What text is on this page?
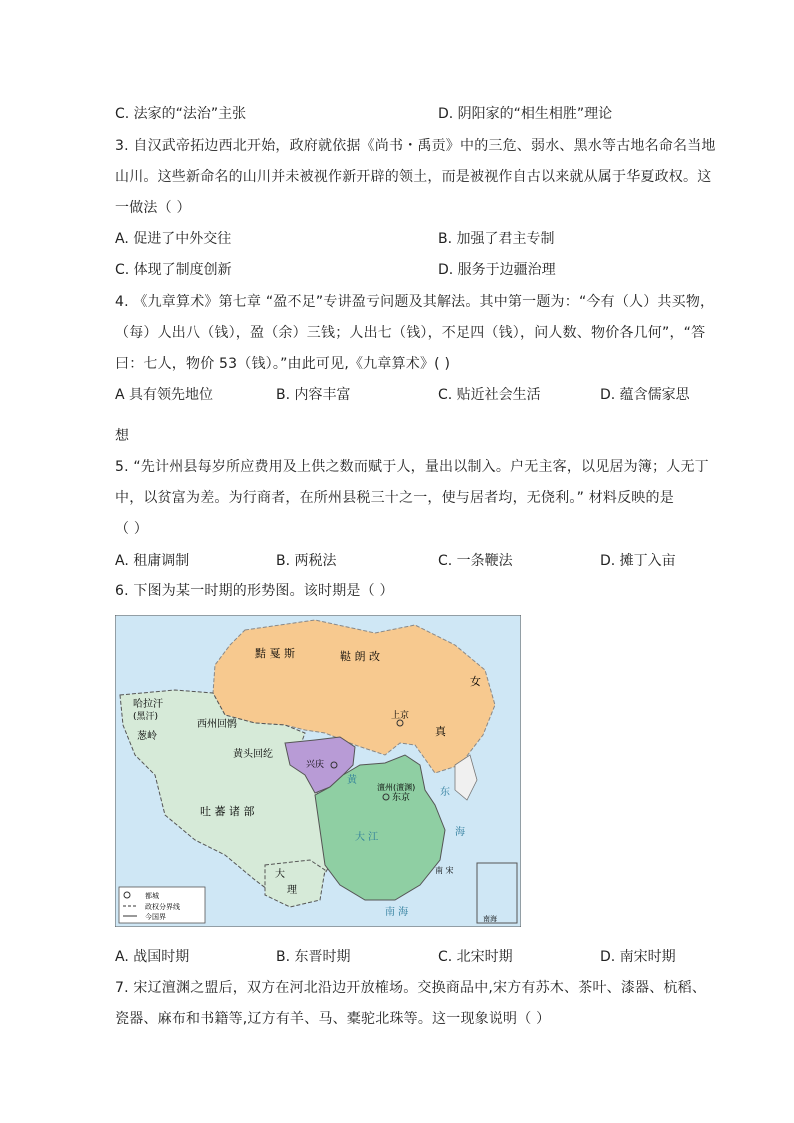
C. 法家的“法治”主张	D. 阴阳家的“相生相胜”理论
3. 自汉武帝拓边西北开始，政府就依据《尚书・禹贡》中的三危、弱水、黑水等古地名命名当地
山川。这些新命名的山川并未被视作新开辟的领土，而是被视作自古以来就从属于华夏政权。这
一做法（ ）
A. 促进了中外交往	B. 加强了君主专制
C. 体现了制度创新	D. 服务于边疆治理
4. 《九章算术》第七章 “盈不足”专讲盈亏问题及其解法。其中第一题为：“今有（人）共买物，
（每）人出八（钱），盈（余）三钱；人出七（钱），不足四（钱），问人数、物价各几何”，“答
曰：七人，物价 53（钱）。”由此可见,《九章算术》( )
A 具有领先地位	B. 内容丰富	C. 贴近社会生活	D. 蕴含儒家思
想
5. “先计州县每岁所应费用及上供之数而赋于人，量出以制入。户无主客，以见居为簿；人无丁
中，以贫富为差。为行商者，在所州县税三十之一，使与居者均，无侥利。” 材料反映的是
（ ）
A. 租庸调制	B. 两税法	C. 一条鞭法	D. 摊丁入亩
6. 下图为某一时期的形势图。该时期是（ ）
黠 戛 斯	鞑 朗 改
女
真
上京
哈拉汗
(黑汗)
葱岭
西州回鹘
黄头回纥
兴庆
澶州(澶渊)
东京
吐 蕃 诸 部
大
理
大 江
南 海
东
海
黄
南 宋
南海
都城
政权分界线
今国界
A. 战国时期	B. 东晋时期	C. 北宋时期	D. 南宋时期
7. 宋辽澶渊之盟后，双方在河北沿边开放榷场。交换商品中,宋方有苏木、茶叶、漆器、杭稻、
瓷器、麻布和书籍等,辽方有羊、马、橐驼北珠等。这一现象说明（ ）
